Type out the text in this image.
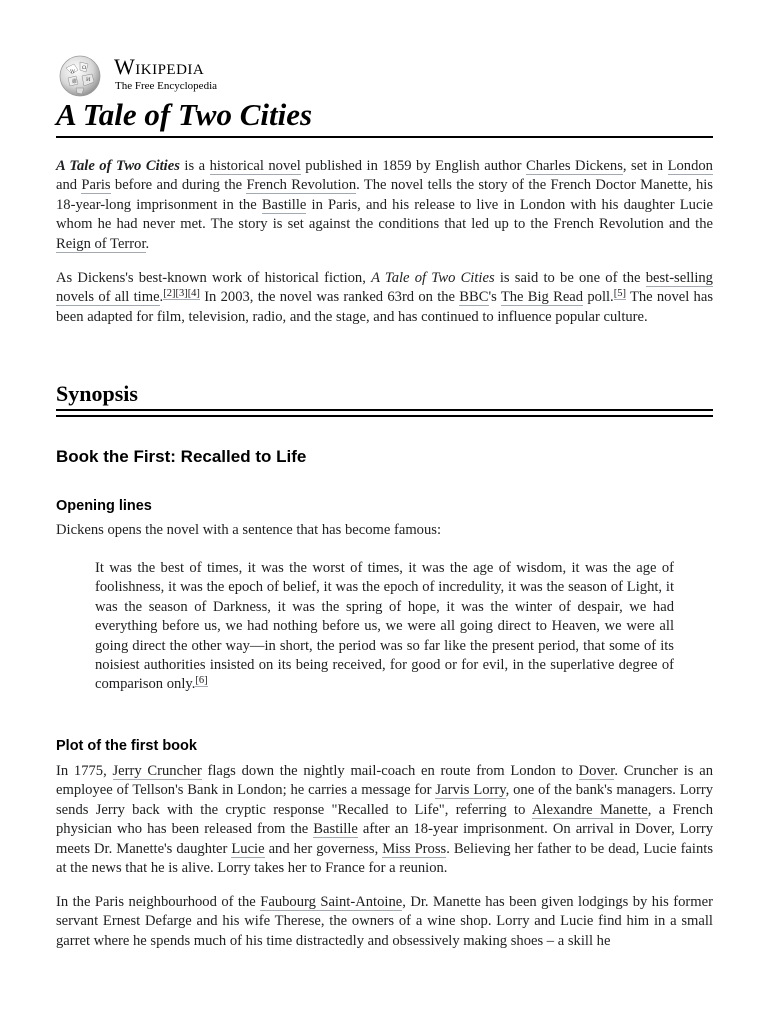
W
Ω
維 И
Wikipedia
The Free Encyclopedia
A Tale of Two Cities

A Tale of Two Cities is a historical novel published in 1859 by English author Charles Dickens, set in London and Paris before and during the French Revolution. The novel tells the story of the French Doctor Manette, his 18-year-long imprisonment in the Bastille in Paris, and his release to live in London with his daughter Lucie whom he had never met. The story is set against the conditions that led up to the French Revolution and the Reign of Terror.

As Dickens's best-known work of historical fiction, A Tale of Two Cities is said to be one of the best-selling novels of all time.[2][3][4] In 2003, the novel was ranked 63rd on the BBC's The Big Read poll.[5] The novel has been adapted for film, television, radio, and the stage, and has continued to influence popular culture.

Synopsis
Book the First: Recalled to Life
Opening lines

Dickens opens the novel with a sentence that has become famous:

It was the best of times, it was the worst of times, it was the age of wisdom, it was the age of foolishness, it was the epoch of belief, it was the epoch of incredulity, it was the season of Light, it was the season of Darkness, it was the spring of hope, it was the winter of despair, we had everything before us, we had nothing before us, we were all going direct to Heaven, we were all going direct the other way—in short, the period was so far like the present period, that some of its noisiest authorities insisted on its being received, for good or for evil, in the superlative degree of comparison only.[6]
Plot of the first book

In 1775, Jerry Cruncher flags down the nightly mail-coach en route from London to Dover. Cruncher is an employee of Tellson's Bank in London; he carries a message for Jarvis Lorry, one of the bank's managers. Lorry sends Jerry back with the cryptic response "Recalled to Life", referring to Alexandre Manette, a French physician who has been released from the Bastille after an 18-year imprisonment. On arrival in Dover, Lorry meets Dr. Manette's daughter Lucie and her governess, Miss Pross. Believing her father to be dead, Lucie faints at the news that he is alive. Lorry takes her to France for a reunion.

In the Paris neighbourhood of the Faubourg Saint-Antoine, Dr. Manette has been given lodgings by his former servant Ernest Defarge and his wife Therese, the owners of a wine shop. Lorry and Lucie find him in a small garret where he spends much of his time distractedly and obsessively making shoes – a skill he
